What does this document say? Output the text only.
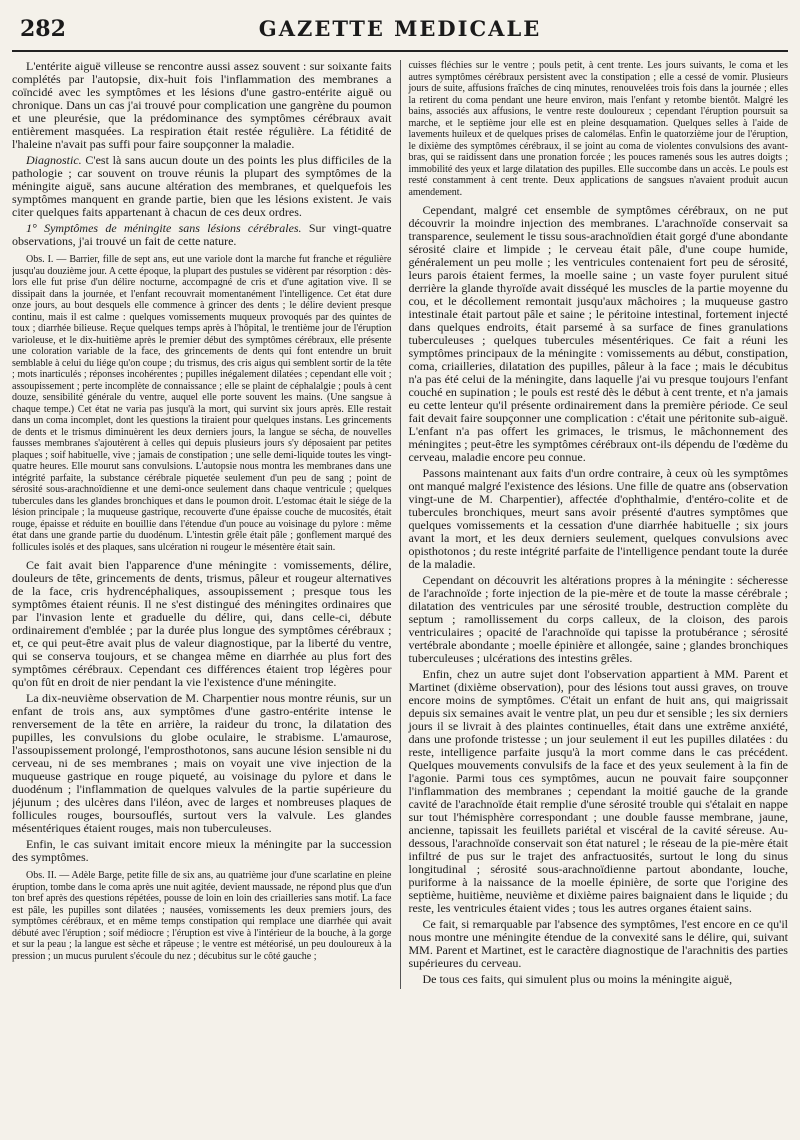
282	GAZETTE MEDICALE

L'entérite aiguë villeuse se rencontre aussi assez souvent : sur soixante faits complétés par l'autopsie, dix-huit fois l'inflammation des membranes a coïncidé avec les symptômes et les lésions d'une gastro-entérite aiguë ou chronique. Dans un cas j'ai trouvé pour complication une gangrène du poumon et une pleurésie, que la prédominance des symptômes cérébraux avait entièrement masquées. La respiration était restée régulière. La fétidité de l'haleine n'avait pas suffi pour faire soupçonner la maladie.

Diagnostic. C'est là sans aucun doute un des points les plus difficiles de la pathologie ; car souvent on trouve réunis la plupart des symptômes de la méningite aiguë, sans aucune altération des membranes, et quelquefois les symptômes manquent en grande partie, bien que les lésions existent. Je vais citer quelques faits appartenant à chacun de ces deux ordres.

1° Symptômes de méningite sans lésions cérébrales. Sur vingt-quatre observations, j'ai trouvé un fait de cette nature.

Obs. I. — Barrier, fille de sept ans, eut une variole dont la marche fut franche et régulière jusqu'au douzième jour. A cette époque, la plupart des pustules se vidèrent par résorption : dès-lors elle fut prise d'un délire nocturne, accompagné de cris et d'une agitation vive. Il se dissipait dans la journée, et l'enfant recouvrait momentanément l'intelligence. Cet état dure onze jours, au bout desquels elle commence à grincer des dents ; le délire devient presque continu, mais il est calme : quelques vomissements muqueux provoqués par des quintes de toux ; diarrhée bilieuse. Reçue quelques temps après à l'hôpital, le trentième jour de l'éruption varioleuse, et le dix-huitième après le premier début des symptômes cérébraux, elle présente une coloration variable de la face, des grincements de dents qui font entendre un bruit semblable à celui du liége qu'on coupe ; du trismus, des cris aigus qui semblent sortir de la tête ; mots inarticulés ; réponses incohérentes ; pupilles inégalement dilatées ; cependant elle voit ; assoupissement ; perte incomplète de connaissance ; elle se plaint de céphalalgie ; pouls à cent douze, sensibilité générale du ventre, auquel elle porte souvent les mains. (Une sangsue à chaque tempe.) Cet état ne varia pas jusqu'à la mort, qui survint six jours après. Elle restait dans un coma incomplet, dont les questions la tiraient pour quelques instans. Les grincements de dents et le trismus diminuèrent les deux derniers jours, la langue se sécha, de nouvelles fausses membranes s'ajoutèrent à celles qui depuis plusieurs jours s'y déposaient par petites plaques ; soif habituelle, vive ; jamais de constipation ; une selle demi-liquide toutes les vingt-quatre heures. Elle mourut sans convulsions. L'autopsie nous montra les membranes dans une intégrité parfaite, la substance cérébrale piquetée seulement d'un peu de sang ; point de sérosité sous-arachnoïdienne et une demi-once seulement dans chaque ventricule ; quelques tubercules dans les glandes bronchiques et dans le poumon droit. L'estomac était le siége de la lésion principale ; la muqueuse gastrique, recouverte d'une épaisse couche de mucosités, était rouge, épaisse et réduite en bouillie dans l'étendue d'un pouce au voisinage du pylore : même état dans une grande partie du duodénum. L'intestin grêle était pâle ; gonflement marqué des follicules isolés et des plaques, sans ulcération ni rougeur le mésentère était sain.

Ce fait avait bien l'apparence d'une méningite : vomissements, délire, douleurs de tête, grincements de dents, trismus, pâleur et rougeur alternatives de la face, cris hydrencéphaliques, assoupissement ; presque tous les symptômes étaient réunis. Il ne s'est distingué des méningites ordinaires que par l'invasion lente et graduelle du délire, qui, dans celle-ci, débute ordinairement d'emblée ; par la durée plus longue des symptômes cérébraux ; et, ce qui peut-être avait plus de valeur diagnostique, par la liberté du ventre, qui se conserva toujours, et se changea même en diarrhée au plus fort des symptômes cérébraux. Cependant ces différences étaient trop légères pour qu'on fût en droit de nier pendant la vie l'existence d'une méningite.

La dix-neuvième observation de M. Charpentier nous montre réunis, sur un enfant de trois ans, aux symptômes d'une gastro-entérite intense le renversement de la tête en arrière, la raideur du tronc, la dilatation des pupilles, les convulsions du globe oculaire, le strabisme. L'amaurose, l'assoupissement prolongé, l'emprosthotonos, sans aucune lésion sensible ni du cerveau, ni de ses membranes ; mais on voyait une vive injection de la muqueuse gastrique en rouge piqueté, au voisinage du pylore et dans le duodénum ; l'inflammation de quelques valvules de la partie supérieure du jéjunum ; des ulcères dans l'iléon, avec de larges et nombreuses plaques de follicules rouges, boursouflés, surtout vers la valvule. Les glandes mésentériques étaient rouges, mais non tuberculeuses.

Enfin, le cas suivant imitait encore mieux la méningite par la succession des symptômes.

Obs. II. — Adèle Barge, petite fille de six ans, au quatrième jour d'une scarlatine en pleine éruption, tombe dans le coma après une nuit agitée, devient maussade, ne répond plus que d'un ton bref après des questions répétées, pousse de loin en loin des criailleries sans motif. La face est pâle, les pupilles sont dilatées ; nausées, vomissements les deux premiers jours, des symptômes cérébraux, et en même temps constipation qui remplace une diarrhée qui avait débuté avec l'éruption ; soif médiocre ; l'éruption est vive à l'intérieur de la bouche, à la gorge et sur la peau ; la langue est sèche et râpeuse ; le ventre est météorisé, un peu douloureux à la pression ; un mucus purulent s'écoule du nez ; décubitus sur le côté gauche ;

cuisses fléchies sur le ventre ; pouls petit, à cent trente. Les jours suivants, le coma et les autres symptômes cérébraux persistent avec la constipation ; elle a cessé de vomir. Plusieurs jours de suite, affusions fraîches de cinq minutes, renouvelées trois fois dans la journée ; elles la retirent du coma pendant une heure environ, mais l'enfant y retombe bientôt. Malgré les bains, associés aux affusions, le ventre reste douloureux ; cependant l'éruption poursuit sa marche, et le septième jour elle est en pleine desquamation. Quelques selles à l'aide de lavements huileux et de quelques prises de calomélas. Enfin le quatorzième jour de l'éruption, le dixième des symptômes cérébraux, il se joint au coma de violentes convulsions des avant-bras, qui se raidissent dans une pronation forcée ; les pouces ramenés sous les autres doigts ; immobilité des yeux et large dilatation des pupilles. Elle succombe dans un accès. Le pouls est resté constamment à cent trente. Deux applications de sangsues n'avaient produit aucun amendement.

Cependant, malgré cet ensemble de symptômes cérébraux, on ne put découvrir la moindre injection des membranes. L'arachnoïde conservait sa transparence, seulement le tissu sous-arachnoïdien était gorgé d'une abondante sérosité claire et limpide ; le cerveau était pâle, d'une coupe humide, généralement un peu molle ; les ventricules contenaient fort peu de sérosité, leurs parois étaient fermes, la moelle saine ; un vaste foyer purulent situé derrière la glande thyroïde avait disséqué les muscles de la partie moyenne du cou, et le décollement remontait jusqu'aux mâchoires ; la muqueuse gastro intestinale était partout pâle et saine ; le péritoine intestinal, fortement injecté dans quelques endroits, était parsemé à sa surface de fines granulations tuberculeuses ; quelques tubercules mésentériques. Ce fait a réuni les symptômes principaux de la méningite : vomissements au début, constipation, coma, criailleries, dilatation des pupilles, pâleur à la face ; mais le décubitus n'a pas été celui de la méningite, dans laquelle j'ai vu presque toujours l'enfant couché en supination ; le pouls est resté dès le début à cent trente, et n'a jamais eu cette lenteur qu'il présente ordinairement dans la première période. Ce seul fait devait faire soupçonner une complication : c'était une péritonite sub-aiguë. L'enfant n'a pas offert les grimaces, le trismus, le mâchonnement des méningites ; peut-être les symptômes cérébraux ont-ils dépendu de l'œdème du cerveau, maladie encore peu connue.

Passons maintenant aux faits d'un ordre contraire, à ceux où les symptômes ont manqué malgré l'existence des lésions. Une fille de quatre ans (observation vingt-une de M. Charpentier), affectée d'ophthalmie, d'entéro-colite et de tubercules bronchiques, meurt sans avoir présenté d'autres symptômes que quelques vomissements et la cessation d'une diarrhée habituelle ; six jours avant la mort, et les deux derniers seulement, quelques convulsions avec opisthotonos ; du reste intégrité parfaite de l'intelligence pendant toute la durée de la maladie.

Cependant on découvrit les altérations propres à la méningite : sécheresse de l'arachnoïde ; forte injection de la pie-mère et de toute la masse cérébrale ; dilatation des ventricules par une sérosité trouble, destruction complète du septum ; ramollissement du corps calleux, de la cloison, des parois ventriculaires ; opacité de l'arachnoïde qui tapisse la protubérance ; sérosité vertébrale abondante ; moelle épinière et allongée, saine ; glandes bronchiques tuberculeuses ; ulcérations des intestins grêles.

Enfin, chez un autre sujet dont l'observation appartient à MM. Parent et Martinet (dixième observation), pour des lésions tout aussi graves, on trouve encore moins de symptômes. C'était un enfant de huit ans, qui maigrissait depuis six semaines avait le ventre plat, un peu dur et sensible ; les six derniers jours il se livrait à des plaintes continuelles, était dans une extrême anxiété, dans une profonde tristesse ; un jour seulement il eut les pupilles dilatées : du reste, intelligence parfaite jusqu'à la mort comme dans le cas précédent. Quelques mouvements convulsifs de la face et des yeux seulement à la fin de l'agonie. Parmi tous ces symptômes, aucun ne pouvait faire soupçonner l'inflammation des membranes ; cependant la moitié gauche de la grande cavité de l'arachnoïde était remplie d'une sérosité trouble qui s'étalait en nappe sur tout l'hémisphère correspondant ; une double fausse membrane, jaune, ancienne, tapissait les feuillets pariétal et viscéral de la cavité séreuse. Au-dessous, l'arachnoïde conservait son état naturel ; le réseau de la pie-mère était infiltré de pus sur le trajet des anfractuosités, surtout le long du sinus longitudinal ; sérosité sous-arachnoïdienne partout abondante, louche, puriforme à la naissance de la moelle épinière, de sorte que l'origine des septième, huitième, neuvième et dixième paires baignaient dans le liquide ; du reste, les ventricules étaient vides ; tous les autres organes étaient sains.

Ce fait, si remarquable par l'absence des symptômes, l'est encore en ce qu'il nous montre une méningite étendue de la convexité sans le délire, qui, suivant MM. Parent et Martinet, est le caractère diagnostique de l'arachnitis des parties supérieures du cerveau.

De tous ces faits, qui simulent plus ou moins la méningite aiguë,
